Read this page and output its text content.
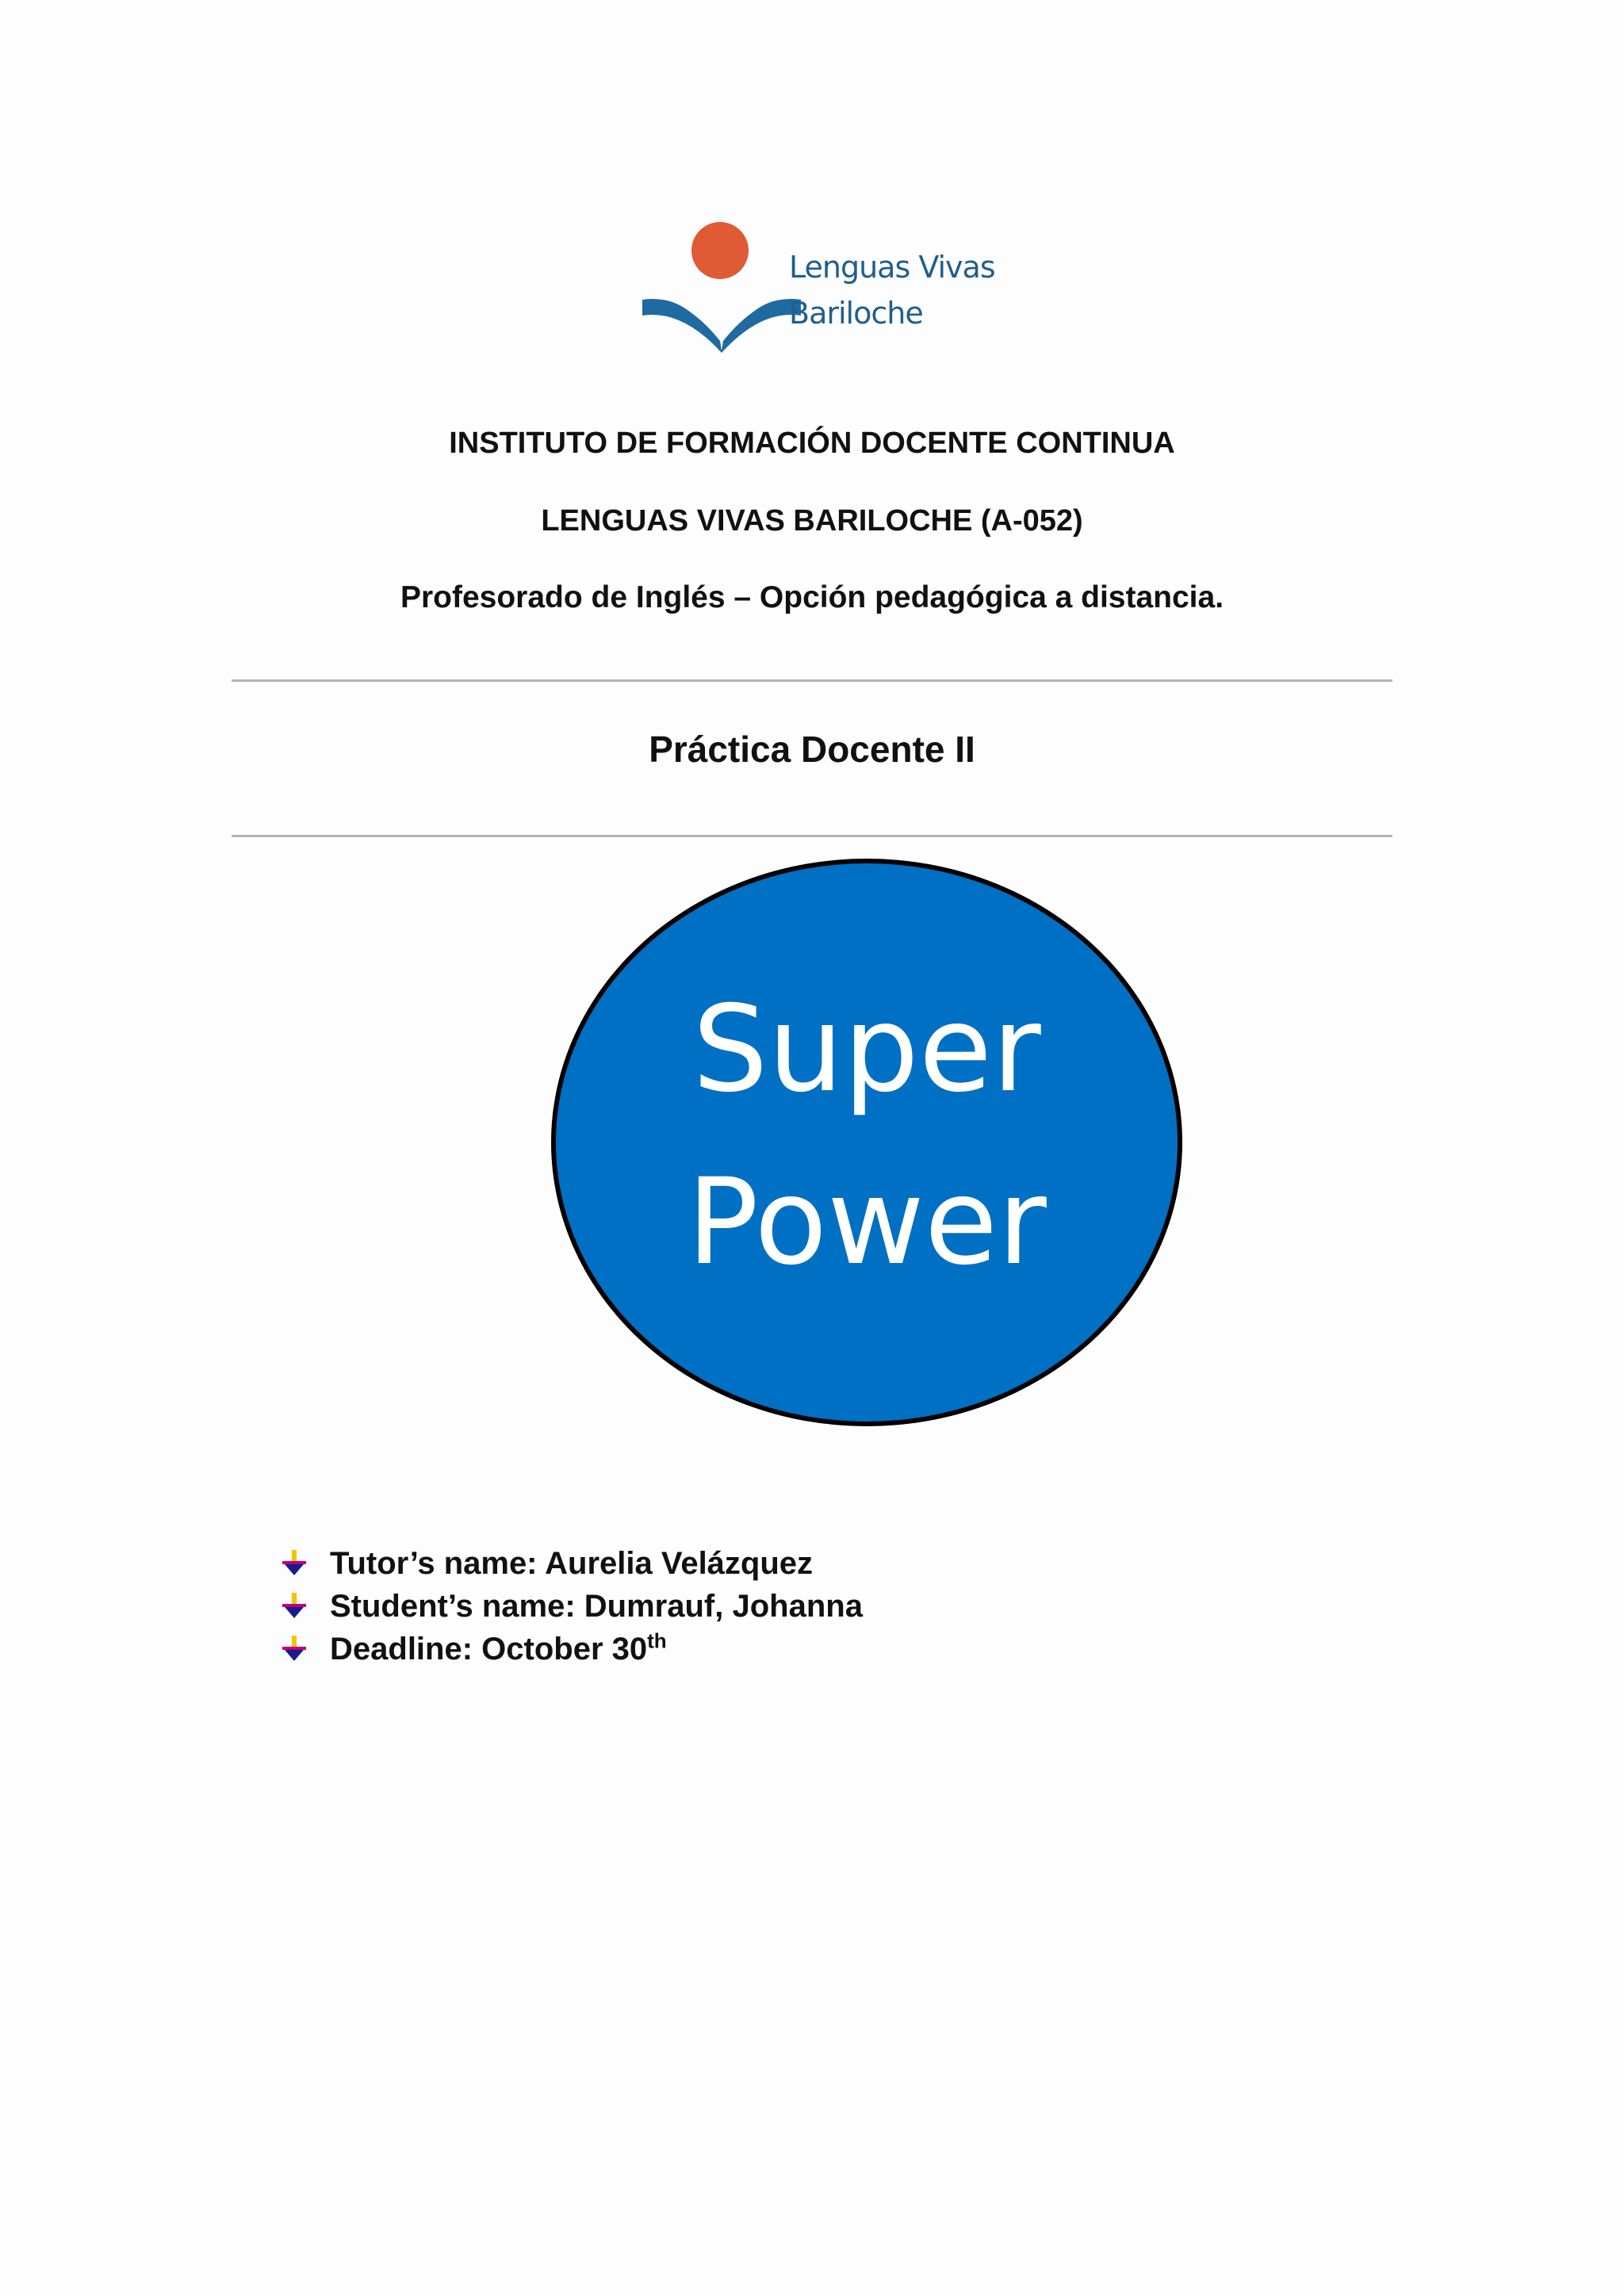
Lenguas Vivas
Bariloche
INSTITUTO DE FORMACIÓN DOCENTE CONTINUA
LENGUAS VIVAS BARILOCHE (A-052)
Profesorado de Inglés – Opción pedagógica a distancia.
Práctica Docente II
Super
Power
Tutor’s name: Aurelia Velázquez
Student’s name: Dumrauf, Johanna
Deadline: October 30th
